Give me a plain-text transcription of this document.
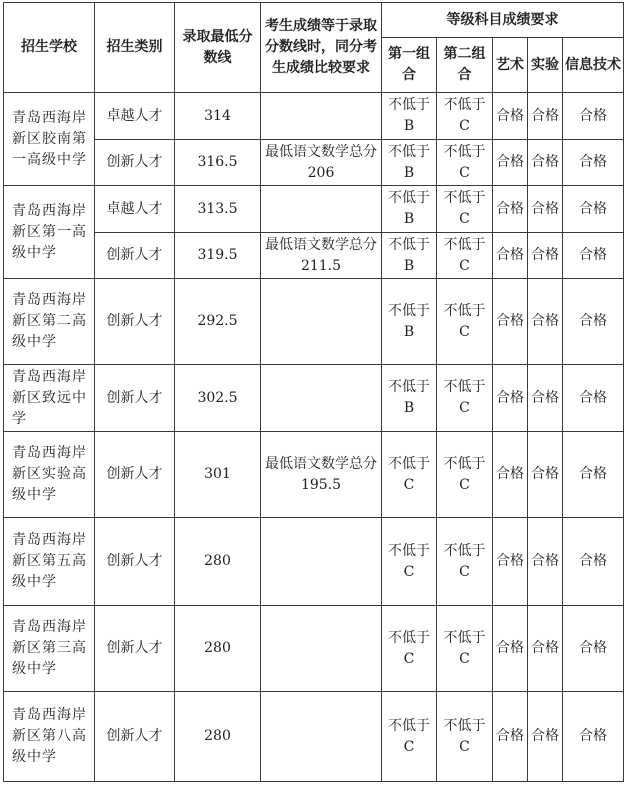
招生学校	招生类别	录取最低分数线	考生成绩等于录取分数线时，同分考生成绩比较要求	等级科目成绩要求				
				第一组合	第二组合	艺术	实验	信息技术
青岛西海岸新区胶南第一高级中学	卓越人才	314		不低于B	不低于C	合格	合格	合格
	创新人才	316.5	最低语文数学总分206	不低于B	不低于C	合格	合格	合格
青岛西海岸新区第一高级中学	卓越人才	313.5		不低于B	不低于C	合格	合格	合格
	创新人才	319.5	最低语文数学总分211.5	不低于B	不低于C	合格	合格	合格
青岛西海岸新区第二高级中学	创新人才	292.5		不低于B	不低于C	合格	合格	合格
青岛西海岸新区致远中学	创新人才	302.5		不低于B	不低于C	合格	合格	合格
青岛西海岸新区实验高级中学	创新人才	301	最低语文数学总分195.5	不低于C	不低于C	合格	合格	合格
青岛西海岸新区第五高级中学	创新人才	280		不低于C	不低于C	合格	合格	合格
青岛西海岸新区第三高级中学	创新人才	280		不低于C	不低于C	合格	合格	合格
青岛西海岸新区第八高级中学	创新人才	280		不低于C	不低于C	合格	合格	合格
